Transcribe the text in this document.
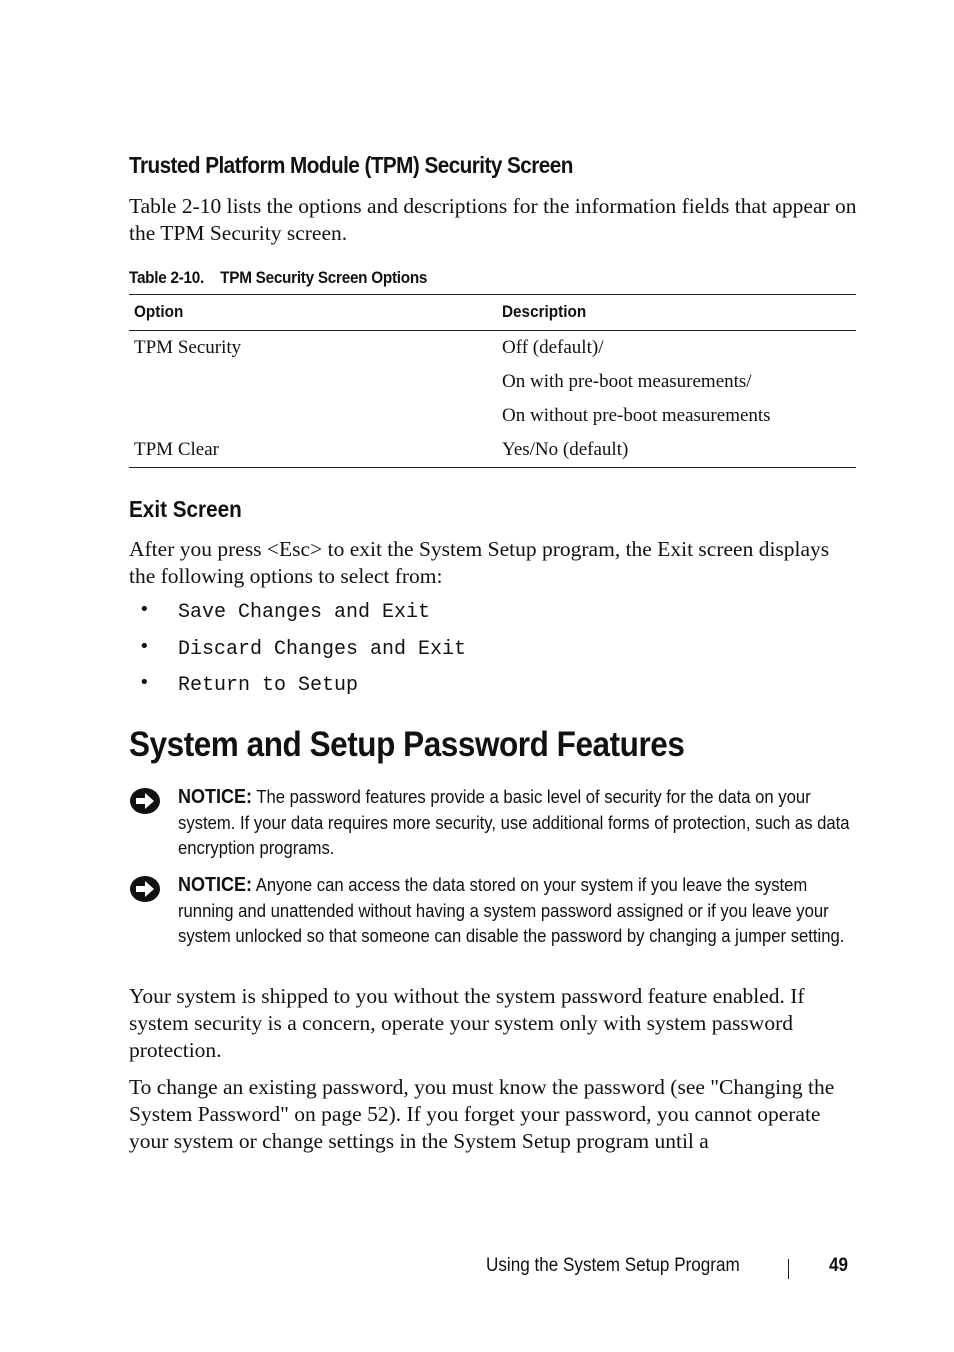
Trusted Platform Module (TPM) Security Screen
Table 2-10 lists the options and descriptions for the information fields that appear on the TPM Security screen.
Table 2-10. TPM Security Screen Options
Option	Description
TPM Security	Off (default)/
	On with pre-boot measurements/
	On without pre-boot measurements
TPM Clear	Yes/No (default)
Exit Screen
After you press <Esc> to exit the System Setup program, the Exit screen displays the following options to select from:
• Save Changes and Exit
• Discard Changes and Exit
• Return to Setup
System and Setup Password Features
NOTICE: The password features provide a basic level of security for the data on your system. If your data requires more security, use additional forms of protection, such as data encryption programs.
NOTICE: Anyone can access the data stored on your system if you leave the system running and unattended without having a system password assigned or if you leave your system unlocked so that someone can disable the password by changing a jumper setting.
Your system is shipped to you without the system password feature enabled. If system security is a concern, operate your system only with system password protection.
To change an existing password, you must know the password (see "Changing the System Password" on page 52). If you forget your password, you cannot operate your system or change settings in the System Setup program until a
Using the System Setup Program	49
